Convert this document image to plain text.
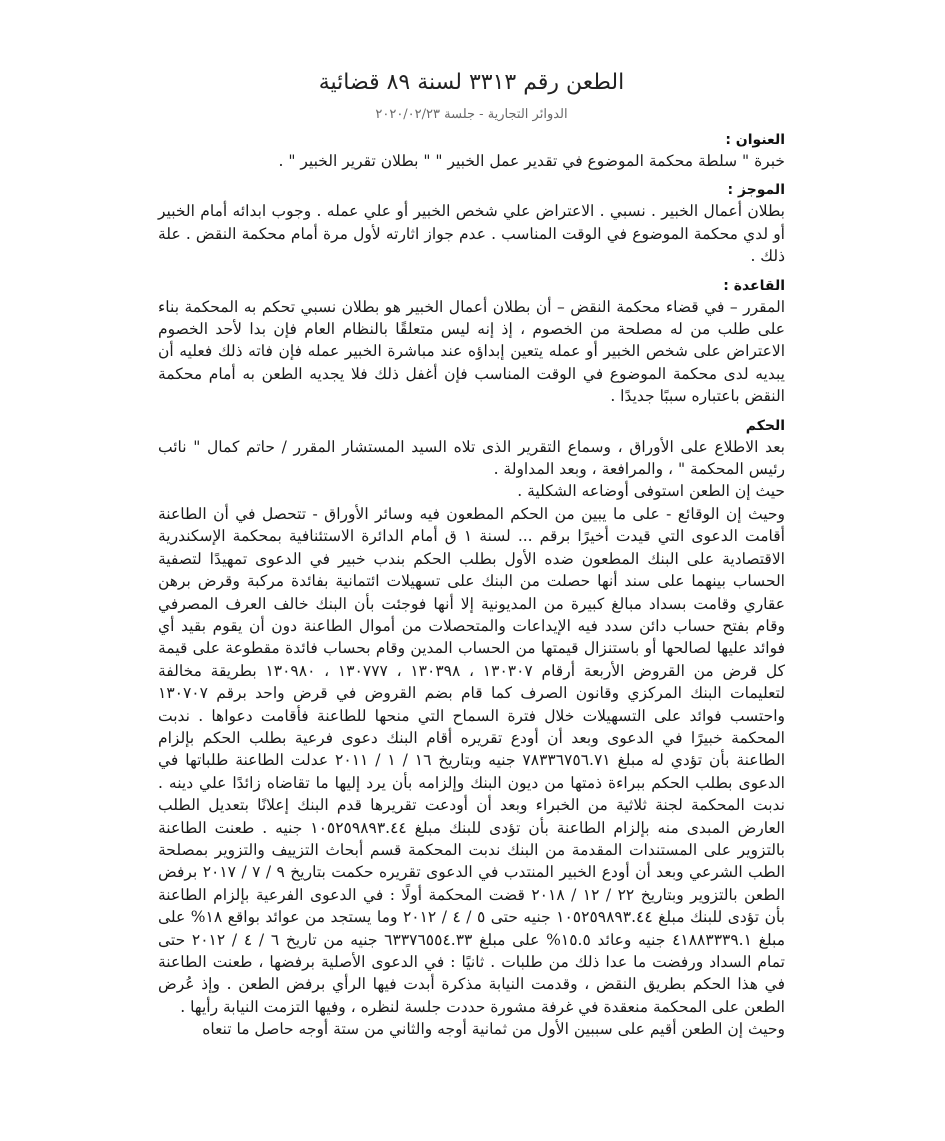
الطعن رقم ٣٣١٣ لسنة ٨٩ قضائية
الدوائر التجارية - جلسة ٢٠٢٠/٠٢/٢٣
العنوان :

خبرة " سلطة محكمة الموضوع في تقدير عمل الخبير " " بطلان تقرير الخبير " .

الموجز :

بطلان أعمال الخبير . نسبي . الاعتراض علي شخص الخبير أو علي عمله . وجوب ابدائه أمام الخبير أو لدي محكمة الموضوع في الوقت المناسب . عدم جواز اثارته لأول مرة أمام محكمة النقض . علة ذلك .

القاعدة :

المقرر – في قضاء محكمة النقض – أن بطلان أعمال الخبير هو بطلان نسبي تحكم به المحكمة بناء على طلب من له مصلحة من الخصوم ، إذ إنه ليس متعلقًا بالنظام العام فإن بدا لأحد الخصوم الاعتراض على شخص الخبير أو عمله يتعين إبداؤه عند مباشرة الخبير عمله فإن فاته ذلك فعليه أن يبديه لدى محكمة الموضوع في الوقت المناسب فإن أغفل ذلك فلا يجديه الطعن به أمام محكمة النقض باعتباره سببًا جديدًا .

الحكم

بعد الاطلاع على الأوراق ، وسماع التقرير الذى تلاه السيد المستشار المقرر / حاتم كمال " نائب رئيس المحكمة " ، والمرافعة ، وبعد المداولة .

حيث إن الطعن استوفى أوضاعه الشكلية .

وحيث إن الوقائع - على ما يبين من الحكم المطعون فيه وسائر الأوراق - تتحصل في أن الطاعنة أقامت الدعوى التي قيدت أخيرًا برقم ... لسنة ١ ق أمام الدائرة الاستئنافية بمحكمة الإسكندرية الاقتصادية على البنك المطعون ضده الأول بطلب الحكم بندب خبير في الدعوى تمهيدًا لتصفية الحساب بينهما على سند أنها حصلت من البنك على تسهيلات ائتمانية بفائدة مركبة وقرض برهن عقاري وقامت بسداد مبالغ كبيرة من المديونية إلا أنها فوجئت بأن البنك خالف العرف المصرفي وقام بفتح حساب دائن سدد فيه الإيداعات والمتحصلات من أموال الطاعنة دون أن يقوم بقيد أي فوائد عليها لصالحها أو باستنزال قيمتها من الحساب المدين وقام بحساب فائدة مقطوعة على قيمة كل قرض من القروض الأربعة أرقام ١٣٠٣٠٧ ، ١٣٠٣٩٨ ، ١٣٠٧٧٧ ، ١٣٠٩٨٠ بطريقة مخالفة لتعليمات البنك المركزي وقانون الصرف كما قام بضم القروض في قرض واحد برقم ١٣٠٧٠٧ واحتسب فوائد على التسهيلات خلال فترة السماح التي منحها للطاعنة فأقامت دعواها . ندبت المحكمة خبيرًا في الدعوى وبعد أن أودع تقريره أقام البنك دعوى فرعية بطلب الحكم بإلزام الطاعنة بأن تؤدي له مبلغ ٧٨٣٣٦٧٥٦.٧١ جنيه وبتاريخ ١٦ / ١ / ٢٠١١ عدلت الطاعنة طلباتها في الدعوى بطلب الحكم ببراءة ذمتها من ديون البنك وإلزامه بأن يرد إليها ما تقاضاه زائدًا علي دينه . ندبت المحكمة لجنة ثلاثية من الخبراء وبعد أن أودعت تقريرها قدم البنك إعلانًا بتعديل الطلب العارض المبدى منه بإلزام الطاعنة بأن تؤدى للبنك مبلغ ١٠٥٢٥٩٨٩٣.٤٤ جنيه . طعنت الطاعنة بالتزوير على المستندات المقدمة من البنك ندبت المحكمة قسم أبحاث التزييف والتزوير بمصلحة الطب الشرعي وبعد أن أودع الخبير المنتدب في الدعوى تقريره حكمت بتاريخ ٩ / ٧ / ٢٠١٧ برفض الطعن بالتزوير وبتاريخ ٢٢ / ١٢ / ٢٠١٨ قضت المحكمة أولًا : في الدعوى الفرعية بإلزام الطاعنة بأن تؤدى للبنك مبلغ ١٠٥٢٥٩٨٩٣.٤٤ جنيه حتى ٥ / ٤ / ٢٠١٢ وما يستجد من عوائد بواقع ١٨% على مبلغ ٤١٨٨٣٣٣٩.١ جنيه وعائد ١٥.٥% على مبلغ ٦٣٣٧٦٥٥٤.٣٣ جنيه من تاريخ ٦ / ٤ / ٢٠١٢ حتى تمام السداد ورفضت ما عدا ذلك من طلبات . ثانيًا : في الدعوى الأصلية برفضها ، طعنت الطاعنة في هذا الحكم بطريق النقض ، وقدمت النيابة مذكرة أبدت فيها الرأي برفض الطعن . وإذ عُرض الطعن على المحكمة منعقدة في غرفة مشورة حددت جلسة لنظره ، وفيها التزمت النيابة رأيها .

وحيث إن الطعن أقيم على سببين الأول من ثمانية أوجه والثاني من ستة أوجه حاصل ما تنعاه
